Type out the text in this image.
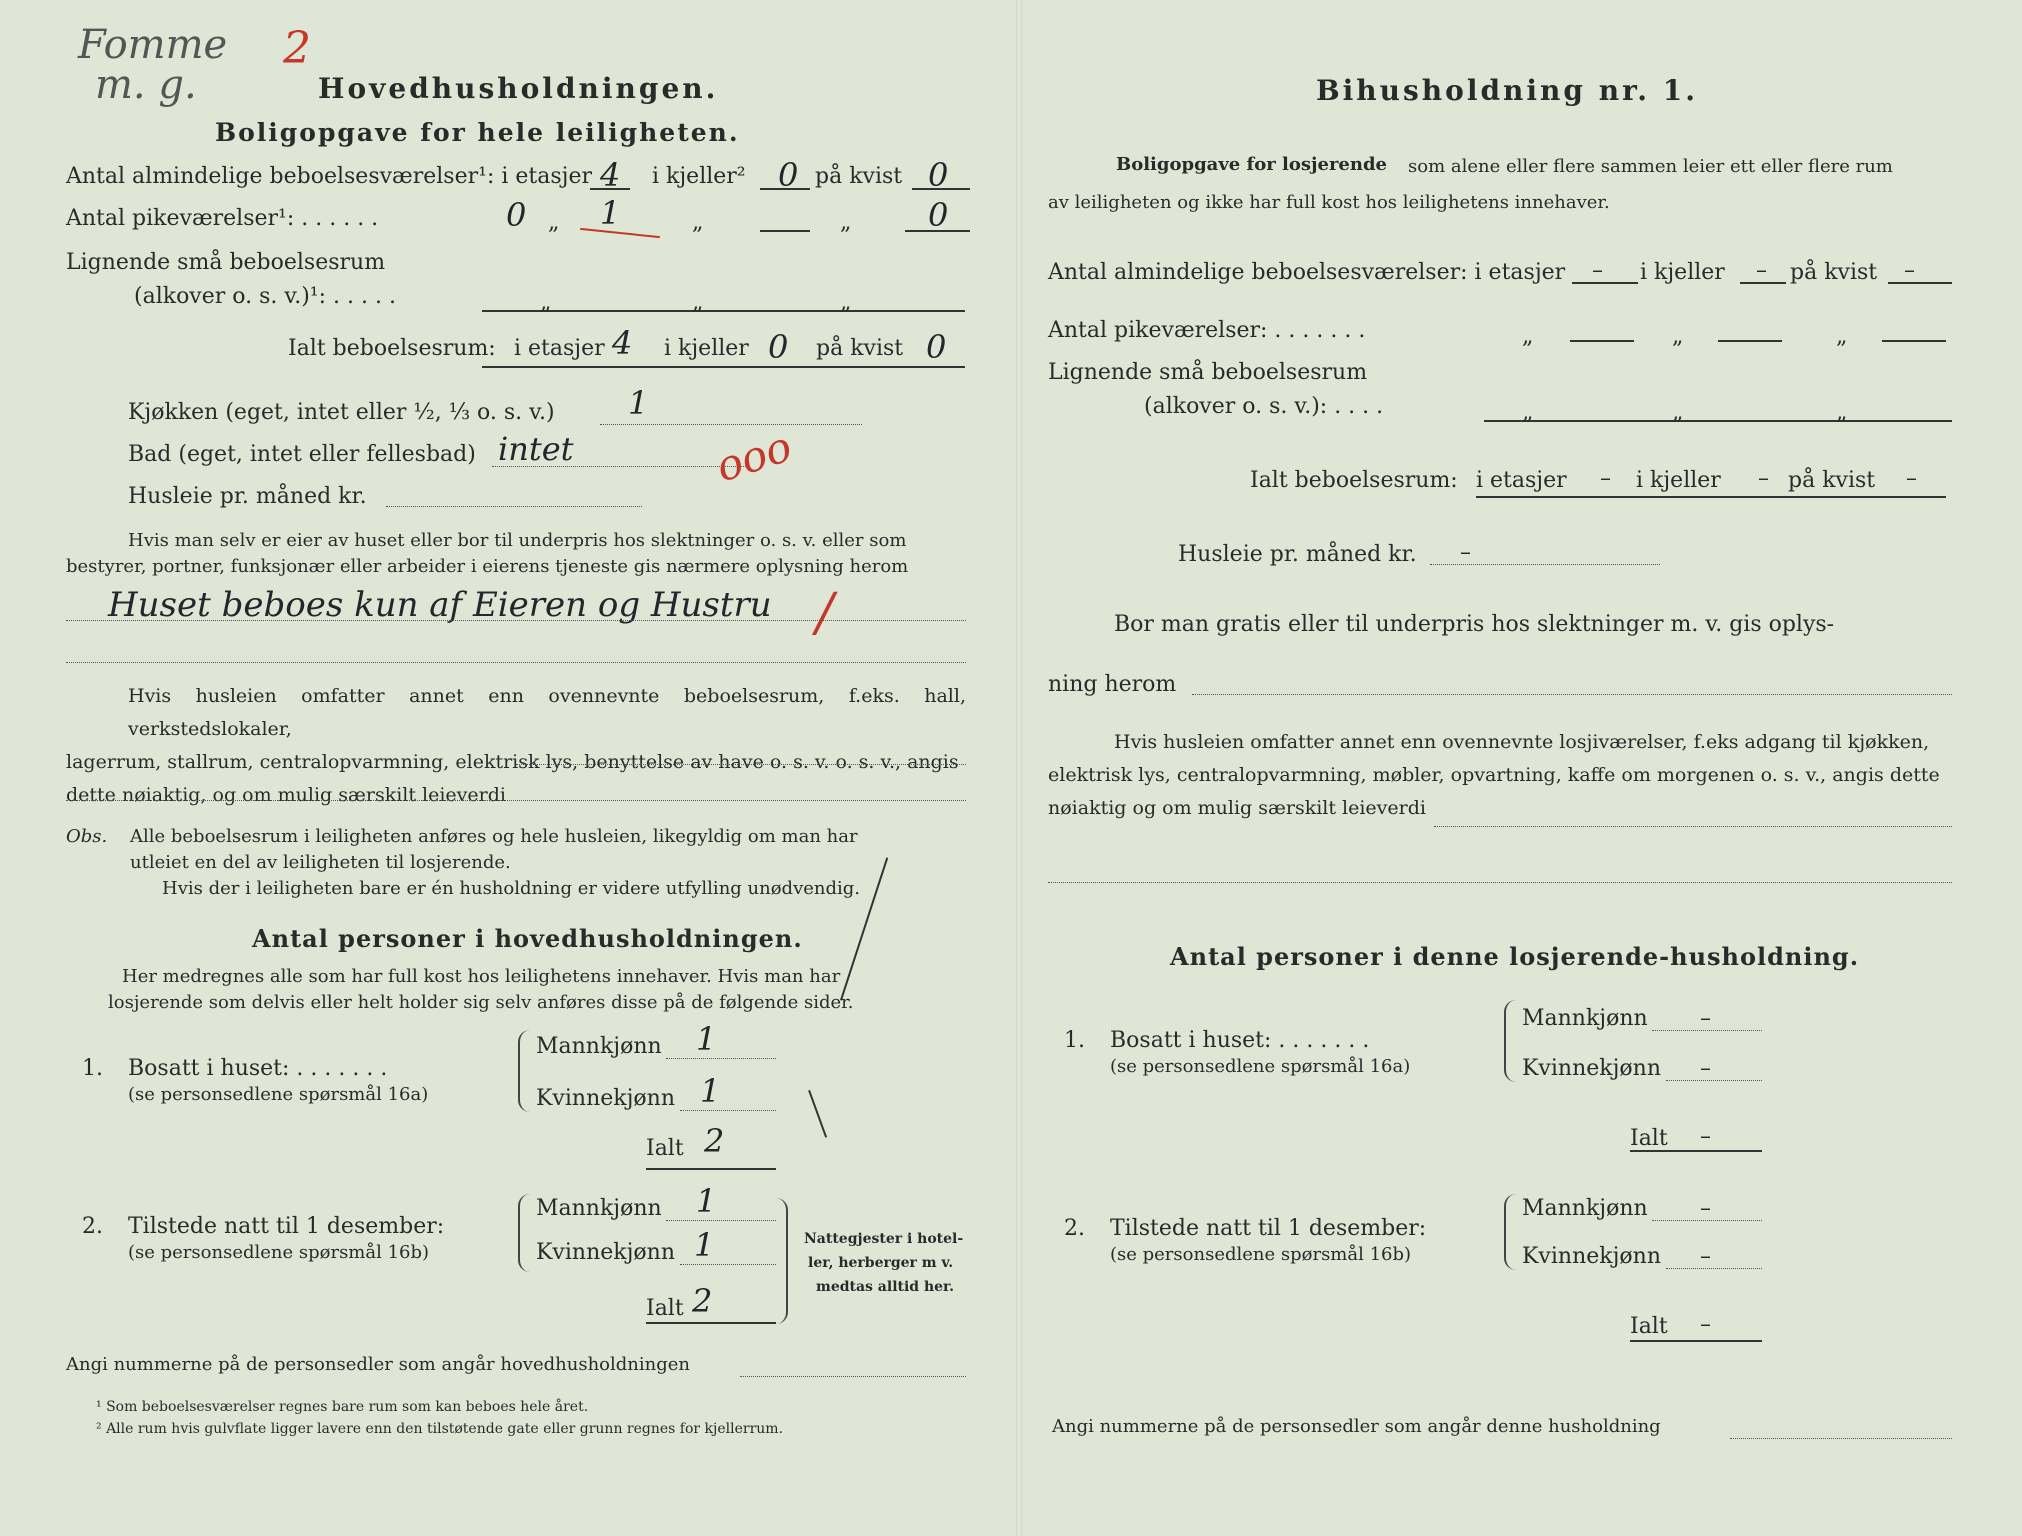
Fomme
m. g.
2
Hovedhusholdningen.
Boligopgave for hele leiligheten.
Antal almindelige beboelsesværelser¹: i etasjer 4 i kjeller² 0 på kvist 0
Antal pikeværelser¹: . . . . . .	0 „ 1	„	„ 0
Lignende små beboelsesrum
(alkover o. s. v.)¹: . . . . .	„	„	„
Ialt beboelsesrum: i etasjer 4 i kjeller 0 på kvist 0
Kjøkken (eget, intet eller ½, ⅓ o. s. v.) 1
Bad (eget, intet eller fellesbad) intet	ooo
Husleie pr. måned kr.
Hvis man selv er eier av huset eller bor til underpris hos slektninger o. s. v. eller som
bestyrer, portner, funksjonær eller arbeider i eierens tjeneste gis nærmere oplysning herom
Huset beboes kun af Eieren og Hustru /
Hvis husleien omfatter annet enn ovennevnte beboelsesrum, f.eks. hall, verkstedslokaler,
lagerrum, stallrum, centralopvarmning, elektrisk lys, benyttelse av have o. s. v. o. s. v., angis
dette nøiaktig, og om mulig særskilt leieverdi
Obs. Alle beboelsesrum i leiligheten anføres og hele husleien, likegyldig om man har
utleiet en del av leiligheten til losjerende.
Hvis der i leiligheten bare er én husholdning er videre utfylling unødvendig.
Antal personer i hovedhusholdningen.
Her medregnes alle som har full kost hos leilighetens innehaver. Hvis man har
losjerende som delvis eller helt holder sig selv anføres disse på de følgende sider.
1. Bosatt i huset: . . . . . . .
(se personsedlene spørsmål 16a)
Mannkjønn 1
Kvinnekjønn 1
Ialt 2
2. Tilstede natt til 1 desember:
(se personsedlene spørsmål 16b)
Mannkjønn 1
Kvinnekjønn 1
Ialt 2
Nattegjester i hotel-
ler, herberger m v.
medtas alltid her.
Angi nummerne på de personsedler som angår hovedhusholdningen
¹ Som beboelsesværelser regnes bare rum som kan beboes hele året.
² Alle rum hvis gulvflate ligger lavere enn den tilstøtende gate eller grunn regnes for kjellerrum.
Bihusholdning nr. 1.
Boligopgave for losjerende som alene eller flere sammen leier ett eller flere rum
av leiligheten og ikke har full kost hos leilighetens innehaver.
Antal almindelige beboelsesværelser: i etasjer – i kjeller – på kvist –
Antal pikeværelser: . . . . . . .	„	„	„
Lignende små beboelsesrum
(alkover o. s. v.): . . . .	„	„	„
Ialt beboelsesrum: i etasjer – i kjeller – på kvist –
Husleie pr. måned kr. –
Bor man gratis eller til underpris hos slektninger m. v. gis oplys-
ning herom
Hvis husleien omfatter annet enn ovennevnte losjiværelser, f.eks adgang til kjøkken,
elektrisk lys, centralopvarmning, møbler, opvartning, kaffe om morgenen o. s. v., angis dette
nøiaktig og om mulig særskilt leieverdi
Antal personer i denne losjerende-husholdning.
1. Bosatt i huset: . . . . . . .
(se personsedlene spørsmål 16a)
Mannkjønn –
Kvinnekjønn –
Ialt –
2. Tilstede natt til 1 desember:
(se personsedlene spørsmål 16b)
Mannkjønn –
Kvinnekjønn –
Ialt –
Angi nummerne på de personsedler som angår denne husholdning
